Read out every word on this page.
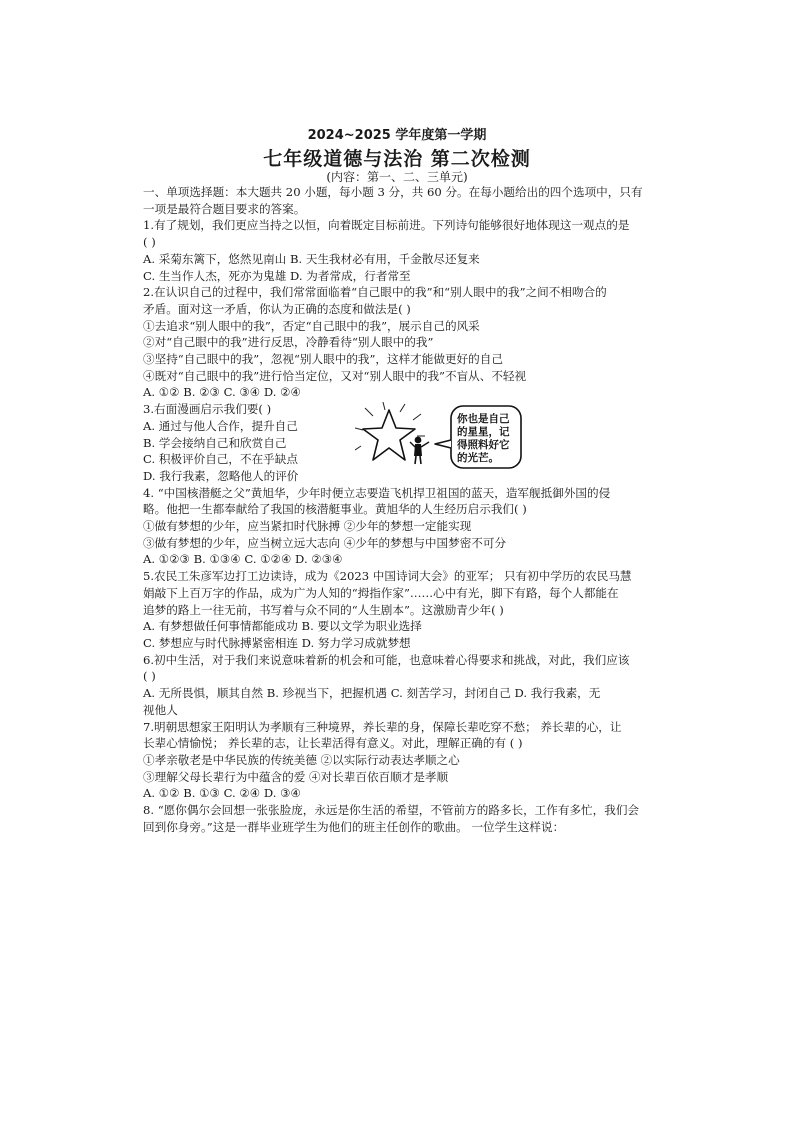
2024~2025 学年度第一学期
七年级道德与法治 第二次检测
(内容：第一、二、三单元)

一、单项选择题：本大题共 20 小题，每小题 3 分，共 60 分。在每小题给出的四个选项中，只有

一项是最符合题目要求的答案。

1.有了规划，我们更应当持之以恒，向着既定目标前进。下列诗句能够很好地体现这一观点的是

( )

A. 采菊东篱下，悠然见南山 B. 天生我材必有用，千金散尽还复来

C. 生当作人杰，死亦为鬼雄 D. 为者常成，行者常至

2.在认识自己的过程中，我们常常面临着“自己眼中的我”和“别人眼中的我”之间不相吻合的

矛盾。面对这一矛盾，你认为正确的态度和做法是( )

①去追求“别人眼中的我”，否定“自己眼中的我”，展示自己的风采

②对“自己眼中的我”进行反思，冷静看待“别人眼中的我”

③坚持“自己眼中的我”，忽视“别人眼中的我”，这样才能做更好的自己

④既对“自己眼中的我”进行恰当定位，又对“别人眼中的我”不盲从、不轻视

A. ①② B. ②③ C. ③④ D. ②④

3.右面漫画启示我们要( )

A. 通过与他人合作，提升自己

B. 学会接纳自己和欣赏自己

C. 积极评价自己，不在乎缺点

D. 我行我素，忽略他人的评价

4. “中国核潜艇之父”黄旭华，少年时便立志要造飞机捍卫祖国的蓝天，造军舰抵御外国的侵

略。他把一生都奉献给了我国的核潜艇事业。黄旭华的人生经历启示我们( )

①做有梦想的少年，应当紧扣时代脉搏 ②少年的梦想一定能实现

③做有梦想的少年，应当树立远大志向 ④少年的梦想与中国梦密不可分

A. ①②③ B. ①③④ C. ①②④ D. ②③④

5.农民工朱彦军边打工边读诗，成为《2023 中国诗词大会》的亚军； 只有初中学历的农民马慧

娟敲下上百万字的作品，成为广为人知的“拇指作家”……心中有光，脚下有路，每个人都能在

追梦的路上一往无前，书写着与众不同的“人生剧本”。这激励青少年( )

A. 有梦想做任何事情都能成功 B. 要以文学为职业选择

C. 梦想应与时代脉搏紧密相连 D. 努力学习成就梦想

6.初中生活，对于我们来说意味着新的机会和可能，也意味着心得要求和挑战，对此，我们应该

( )

A. 无所畏惧，顺其自然 B. 珍视当下，把握机遇 C. 刻苦学习，封闭自己 D. 我行我素，无

视他人

7.明朝思想家王阳明认为孝顺有三种境界，养长辈的身，保障长辈吃穿不愁； 养长辈的心，让

长辈心情愉悦； 养长辈的志，让长辈活得有意义。对此，理解正确的有 ( )

①孝亲敬老是中华民族的传统美德 ②以实际行动表达孝顺之心

③理解父母长辈行为中蕴含的爱 ④对长辈百依百顺才是孝顺

A. ①② B. ①③ C. ②④ D. ③④

8. “愿你偶尔会回想一张张脸庞，永远是你生活的希望，不管前方的路多长，工作有多忙，我们会

回到你身旁。”这是一群毕业班学生为他们的班主任创作的歌曲。 一位学生这样说：

你也是自己
的星星，记
得照料好它
的光芒。
